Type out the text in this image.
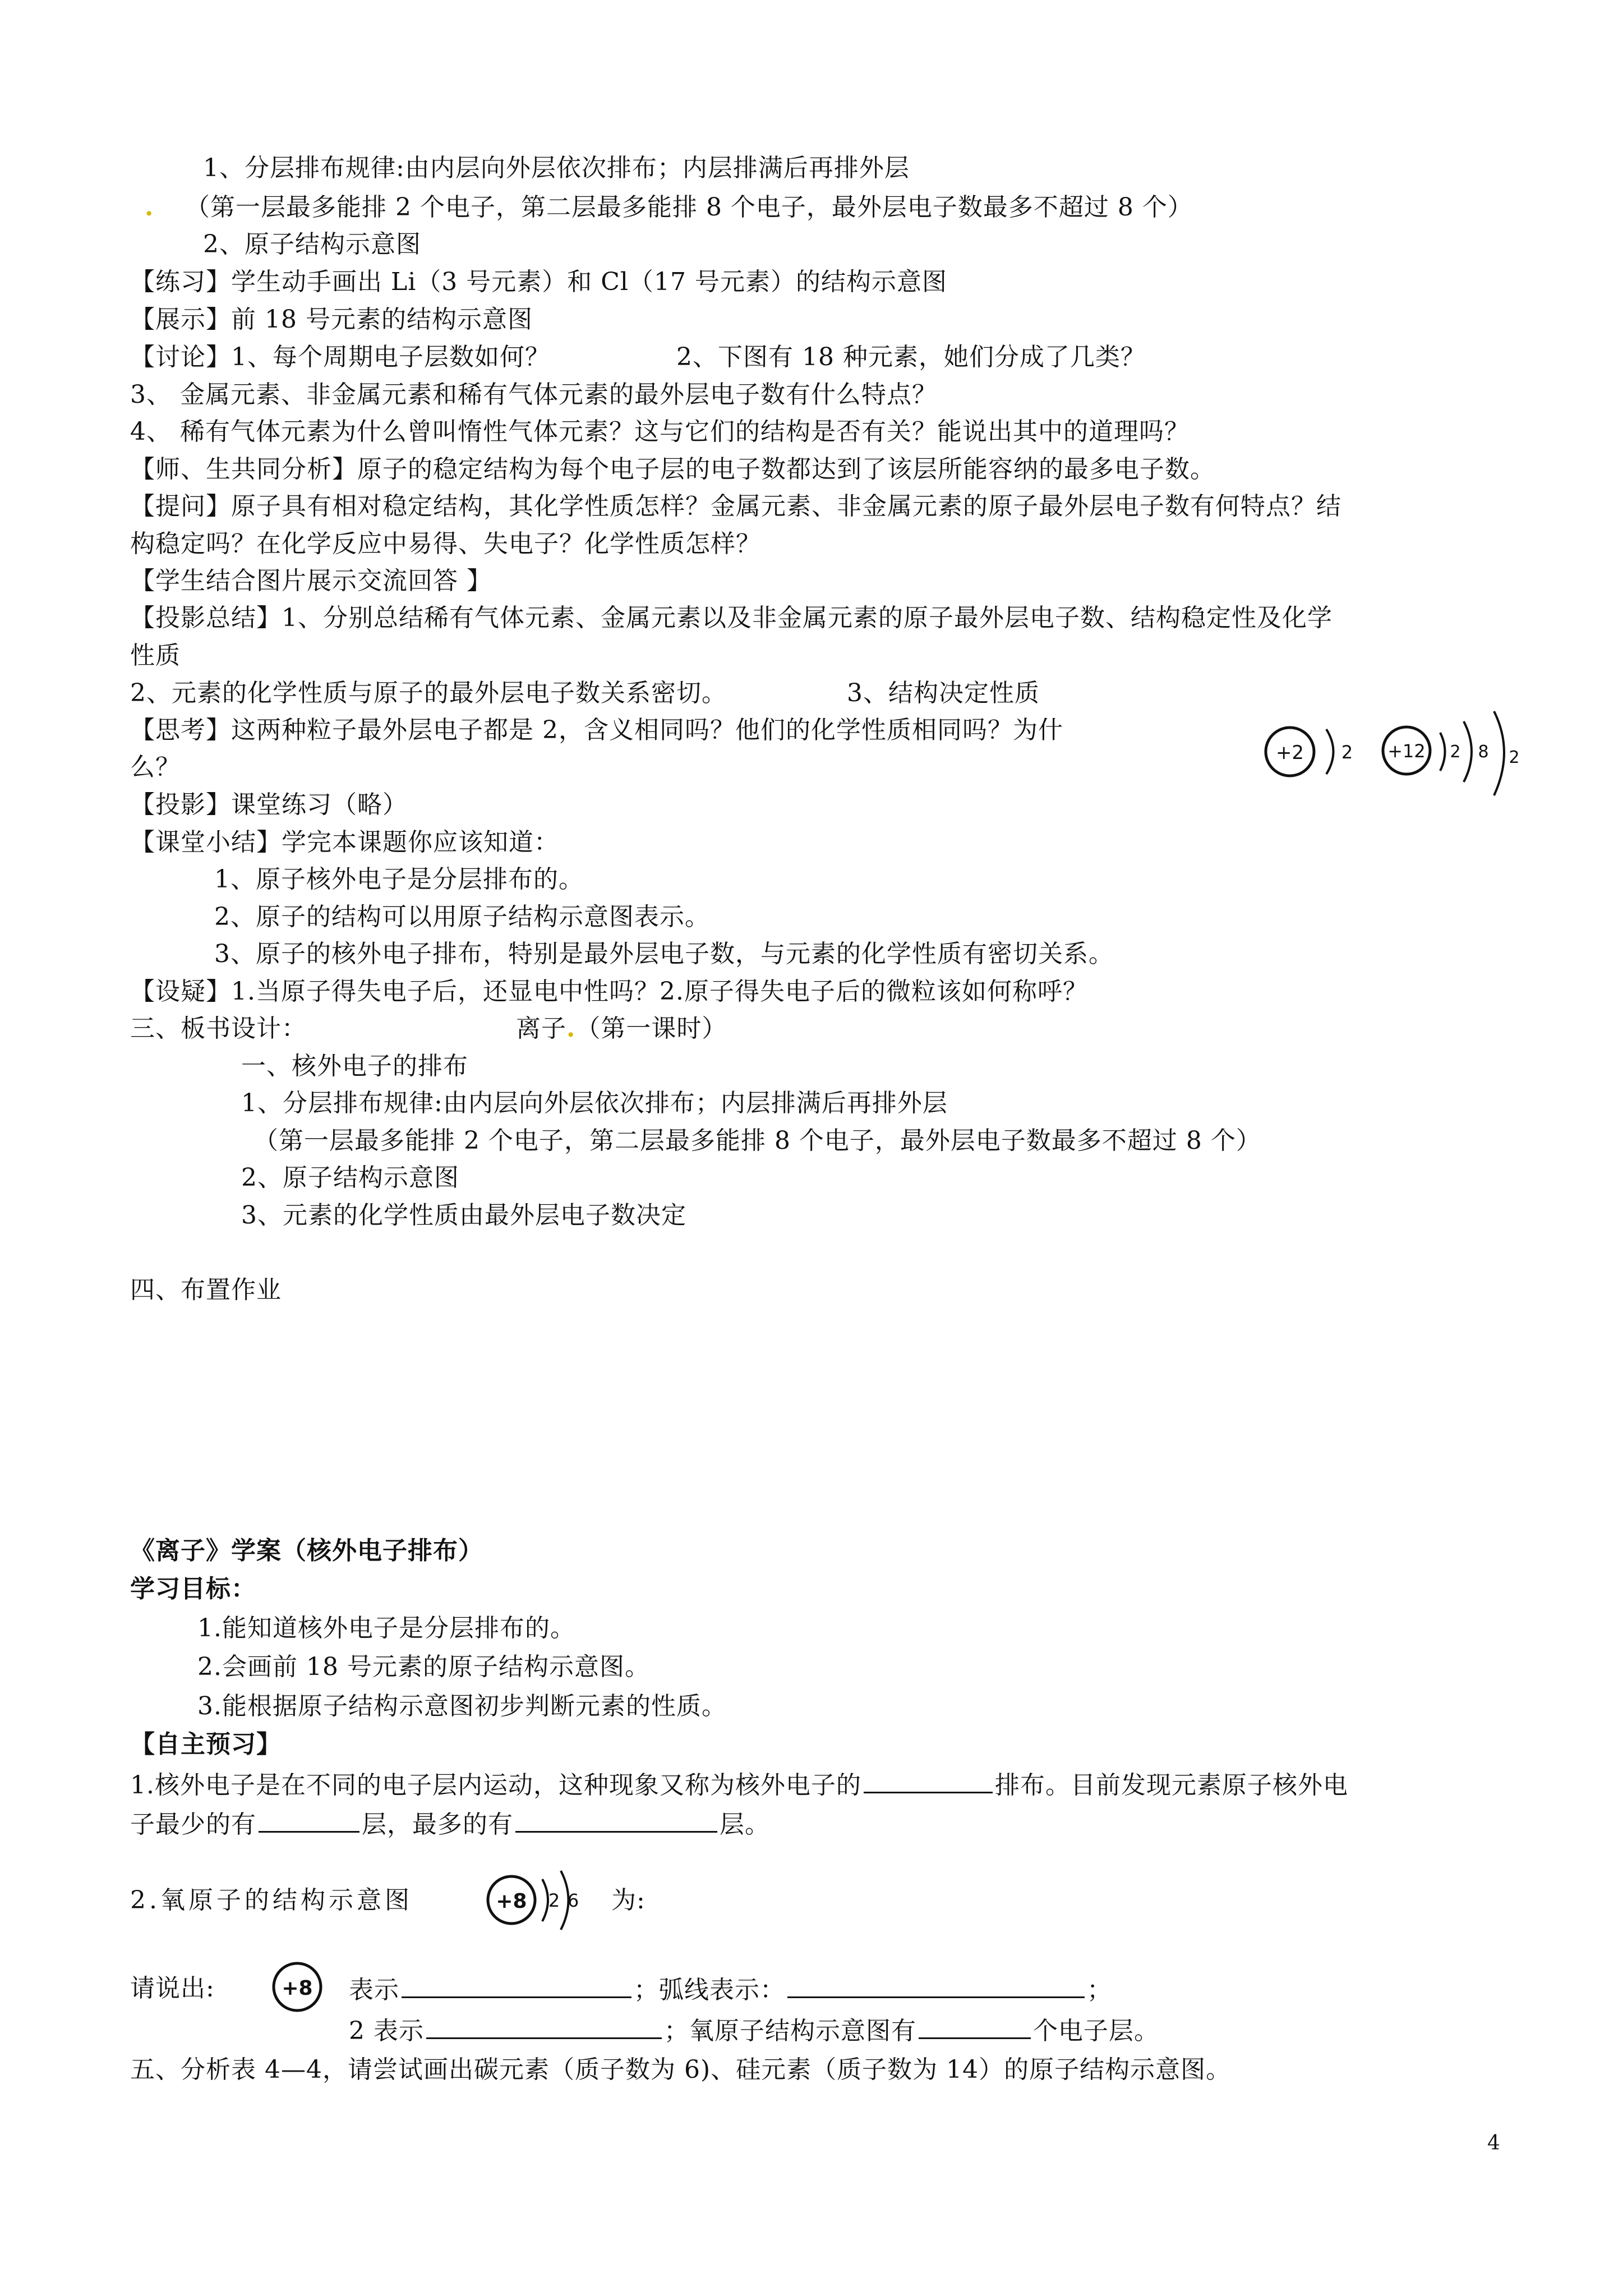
1、分层排布规律:由内层向外层依次排布；内层排满后再排外层
. （第一层最多能排 2 个电子，第二层最多能排 8 个电子，最外层电子数最多不超过 8 个）
2、原子结构示意图
【练习】学生动手画出 Li（3 号元素）和 Cl（17 号元素）的结构示意图
【展示】前 18 号元素的结构示意图
【讨论】1、每个周期电子层数如何？	2、下图有 18 种元素，她们分成了几类？
3、 金属元素、非金属元素和稀有气体元素的最外层电子数有什么特点？
4、 稀有气体元素为什么曾叫惰性气体元素？这与它们的结构是否有关？能说出其中的道理吗？
【师、生共同分析】原子的稳定结构为每个电子层的电子数都达到了该层所能容纳的最多电子数。
【提问】原子具有相对稳定结构，其化学性质怎样？金属元素、非金属元素的原子最外层电子数有何特点？结
构稳定吗？在化学反应中易得、失电子？化学性质怎样？
【学生结合图片展示交流回答 】
【投影总结】1、分别总结稀有气体元素、金属元素以及非金属元素的原子最外层电子数、结构稳定性及化学
性质
2、元素的化学性质与原子的最外层电子数关系密切。	3、结构决定性质
【思考】这两种粒子最外层电子都是 2，含义相同吗？他们的化学性质相同吗？为什
么？	+2 2 +12 2 8 2
【投影】课堂练习（略）
【课堂小结】学完本课题你应该知道：
1、原子核外电子是分层排布的。
2、原子的结构可以用原子结构示意图表示。
3、原子的核外电子排布，特别是最外层电子数，与元素的化学性质有密切关系。
【设疑】1.当原子得失电子后，还显电中性吗？2.原子得失电子后的微粒该如何称呼？
三、板书设计：	离子.（第一课时）
一、核外电子的排布
1、分层排布规律:由内层向外层依次排布；内层排满后再排外层
（第一层最多能排 2 个电子，第二层最多能排 8 个电子，最外层电子数最多不超过 8 个）
2、原子结构示意图
3、元素的化学性质由最外层电子数决定
四、布置作业
《离子》学案（核外电子排布）
学习目标：
1.能知道核外电子是分层排布的。
2.会画前 18 号元素的原子结构示意图。
3.能根据原子结构示意图初步判断元素的性质。
【自主预习】
1.核外电子是在不同的电子层内运动，这种现象又称为核外电子的	排布。目前发现元素原子核外电
子最少的有	层，最多的有	层。
2.氧原子的结构示意图	+8 2 6 为:
请说出:	+8 表示	；弧线表示：	；
2 表示	；氧原子结构示意图有	个电子层。
五、分析表 4—4，请尝试画出碳元素（质子数为 6)、硅元素（质子数为 14）的原子结构示意图。
4
